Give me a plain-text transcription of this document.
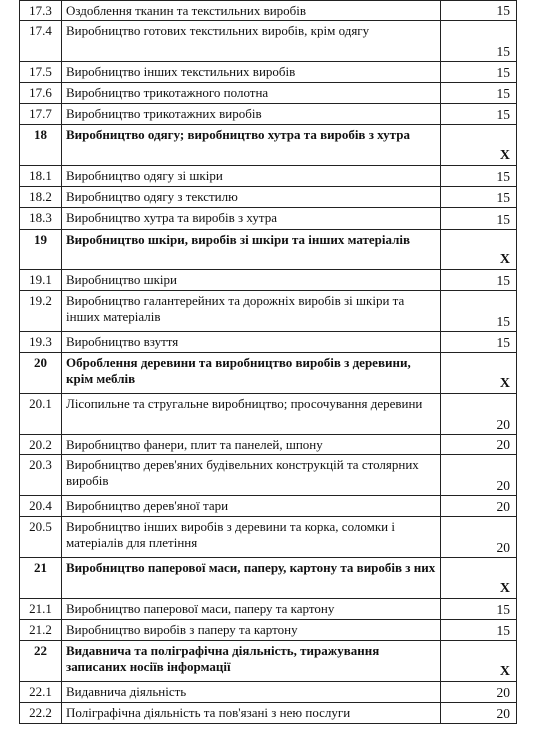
17.3	Оздоблення тканин та текстильних виробів	15
17.4	Виробництво готових текстильних виробів, крім одягу	15
17.5	Виробництво інших текстильних виробів	15
17.6	Виробництво трикотажного полотна	15
17.7	Виробництво трикотажних виробів	15
18	Виробництво одягу; виробництво хутра та виробів з хутра	Х
18.1	Виробництво одягу зі шкіри	15
18.2	Виробництво одягу з текстилю	15
18.3	Виробництво хутра та виробів з хутра	15
19	Виробництво шкіри, виробів зі шкіри та інших матеріалів	Х
19.1	Виробництво шкіри	15
19.2	Виробництво галантерейних та дорожніх виробів зі шкіри та інших матеріалів	15
19.3	Виробництво взуття	15
20	Оброблення деревини та виробництво виробів з деревини, крім меблів	Х
20.1	Лісопильне та стругальне виробництво; просочування деревини	20
20.2	Виробництво фанери, плит та панелей, шпону	20
20.3	Виробництво дерев'яних будівельних конструкцій та столярних виробів	20
20.4	Виробництво дерев'яної тари	20
20.5	Виробництво інших виробів з деревини та корка, соломки і матеріалів для плетіння	20
21	Виробництво паперової маси, паперу, картону та виробів з них	Х
21.1	Виробництво паперової маси, паперу та картону	15
21.2	Виробництво виробів з паперу та картону	15
22	Видавнича та поліграфічна діяльність, тиражування записаних носіїв інформації	Х
22.1	Видавнича діяльність	20
22.2	Поліграфічна діяльність та пов'язані з нею послуги	20
